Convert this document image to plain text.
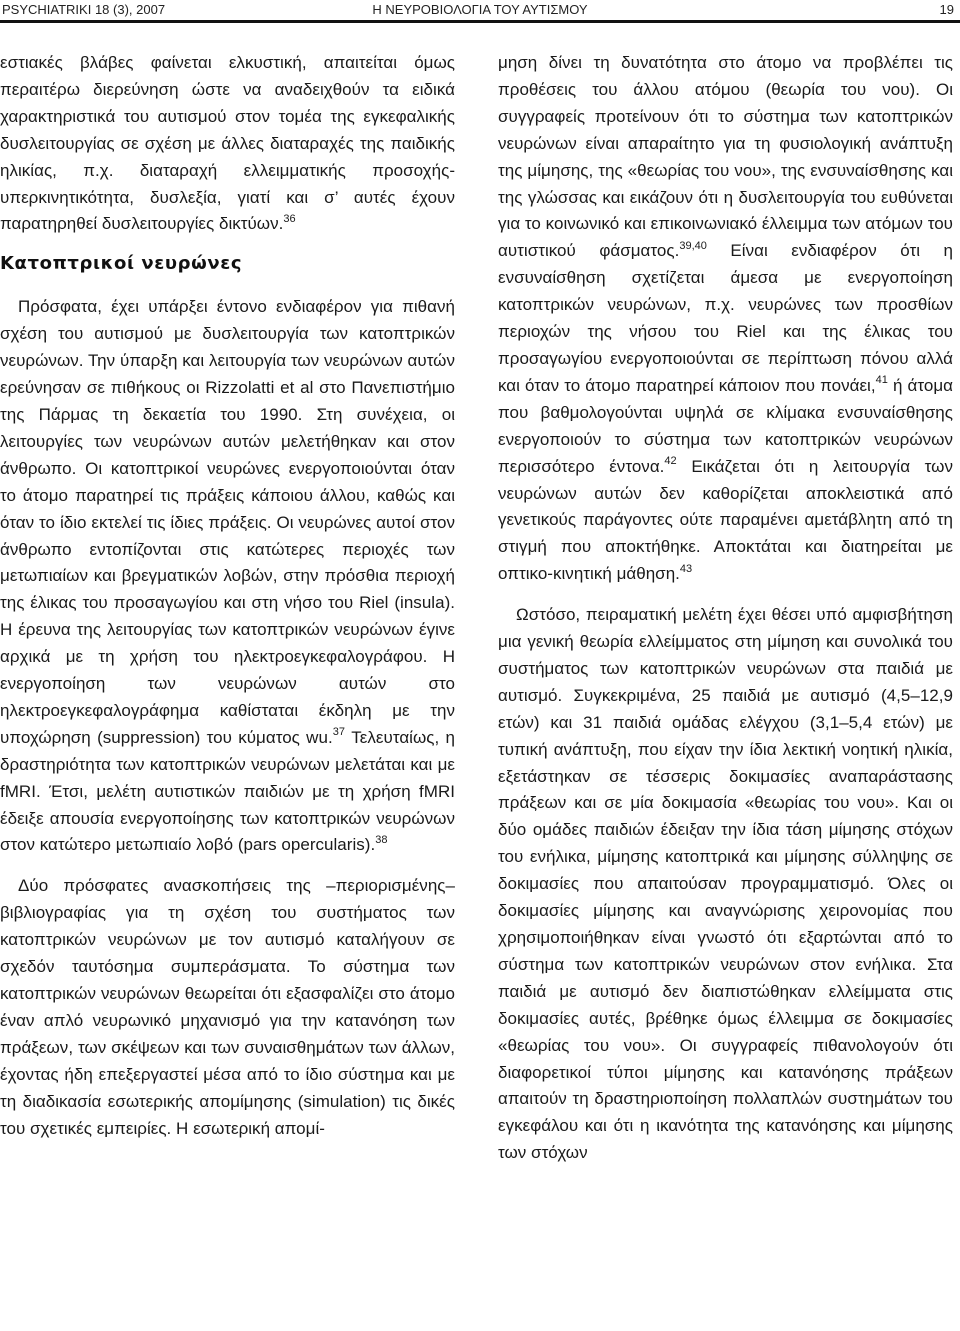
PSYCHIATRIKI 18 (3), 2007	Η ΝΕΥΡΟΒΙΟΛΟΓΙΑ ΤΟΥ ΑΥΤΙΣΜΟΥ	19

εστιακές βλάβες φαίνεται ελκυστική, απαιτείται όμως περαιτέρω διερεύνηση ώστε να αναδειχθούν τα ειδικά χαρακτηριστικά του αυτισμού στον τομέα της εγκεφαλικής δυσλειτουργίας σε σχέση με άλλες διαταραχές της παιδικής ηλικίας, π.χ. διαταραχή ελλειμματικής προσοχής-υπερκινητικότητα, δυσλεξία, γιατί και σ’ αυτές έχουν παρατηρηθεί δυσλειτουργίες δικτύων.$^{36}$

Κατοπτρικοί νευρώνες

Πρόσφατα, έχει υπάρξει έντονο ενδιαφέρον για πιθανή σχέση του αυτισμού με δυσλειτουργία των κατοπτρικών νευρώνων. Την ύπαρξη και λειτουργία των νευρώνων αυτών ερεύνησαν σε πιθήκους οι Rizzolatti et al στο Πανεπιστήμιο της Πάρμας τη δεκαετία του 1990. Στη συνέχεια, οι λειτουργίες των νευρώνων αυτών μελετήθηκαν και στον άνθρωπο. Οι κατοπτρικοί νευρώνες ενεργοποιούνται όταν το άτομο παρατηρεί τις πράξεις κάποιου άλλου, καθώς και όταν το ίδιο εκτελεί τις ίδιες πράξεις. Οι νευρώνες αυτοί στον άνθρωπο εντοπίζονται στις κατώτερες περιοχές των μετωπιαίων και βρεγματικών λοβών, στην πρόσθια περιοχή της έλικας του προσαγωγίου και στη νήσο του Riel (insula). Η έρευνα της λειτουργίας των κατοπτρικών νευρώνων έγινε αρχικά με τη χρήση του ηλεκτροεγκεφαλογράφου. Η ενεργοποίηση των νευρώνων αυτών στο ηλεκτροεγκεφαλογράφημα καθίσταται έκδηλη με την υποχώρηση (suppression) του κύματος wu.$^{37}$ Τελευταίως, η δραστηριότητα των κατοπτρικών νευρώνων μελετάται και με fMRI. Έτσι, μελέτη αυτιστικών παιδιών με τη χρήση fMRI έδειξε απουσία ενεργοποίησης των κατοπτρικών νευρώνων στον κατώτερο μετωπιαίο λοβό (pars opercularis).$^{38}$

Δύο πρόσφατες ανασκοπήσεις της –περιορισμένης– βιβλιογραφίας για τη σχέση του συστήματος των κατοπτρικών νευρώνων με τον αυτισμό καταλήγουν σε σχεδόν ταυτόσημα συμπεράσματα. Το σύστημα των κατοπτρικών νευρώνων θεωρείται ότι εξασφαλίζει στο άτομο έναν απλό νευρωνικό μηχανισμό για την κατανόηση των πράξεων, των σκέψεων και των συναισθημάτων των άλλων, έχοντας ήδη επεξεργαστεί μέσα από το ίδιο σύστημα και με τη διαδικασία εσωτερικής απομίμησης (simulation) τις δικές του σχετικές εμπειρίες. Η εσωτερική απομί-

μηση δίνει τη δυνατότητα στο άτομο να προβλέπει τις προθέσεις του άλλου ατόμου (θεωρία του νου). Οι συγγραφείς προτείνουν ότι το σύστημα των κατοπτρικών νευρώνων είναι απαραίτητο για τη φυσιολογική ανάπτυξη της μίμησης, της «θεωρίας του νου», της ενσυναίσθησης και της γλώσσας και εικάζουν ότι η δυσλειτουργία του ευθύνεται για το κοινωνικό και επικοινωνιακό έλλειμμα των ατόμων του αυτιστικού φάσματος.$^{39,40}$ Είναι ενδιαφέρον ότι η ενσυναίσθηση σχετίζεται άμεσα με ενεργοποίηση κατοπτρικών νευρώνων, π.χ. νευρώνες των προσθίων περιοχών της νήσου του Riel και της έλικας του προσαγωγίου ενεργοποιούνται σε περίπτωση πόνου αλλά και όταν το άτομο παρατηρεί κάποιον που πονάει,$^{41}$ ή άτομα που βαθμολογούνται υψηλά σε κλίμακα ενσυναίσθησης ενεργοποιούν το σύστημα των κατοπτρικών νευρώνων περισσότερο έντονα.$^{42}$ Εικάζεται ότι η λειτουργία των νευρώνων αυτών δεν καθορίζεται αποκλειστικά από γενετικούς παράγοντες ούτε παραμένει αμετάβλητη από τη στιγμή που αποκτήθηκε. Αποκτάται και διατηρείται με οπτικο-κινητική μάθηση.$^{43}$

Ωστόσο, πειραματική μελέτη έχει θέσει υπό αμφισβήτηση μια γενική θεωρία ελλείμματος στη μίμηση και συνολικά του συστήματος των κατοπτρικών νευρώνων στα παιδιά με αυτισμό. Συγκεκριμένα, 25 παιδιά με αυτισμό (4,5–12,9 ετών) και 31 παιδιά ομάδας ελέγχου (3,1–5,4 ετών) με τυπική ανάπτυξη, που είχαν την ίδια λεκτική νοητική ηλικία, εξετάστηκαν σε τέσσερις δοκιμασίες αναπαράστασης πράξεων και σε μία δοκιμασία «θεωρίας του νου». Και οι δύο ομάδες παιδιών έδειξαν την ίδια τάση μίμησης στόχων του ενήλικα, μίμησης κατοπτρικά και μίμησης σύλληψης σε δοκιμασίες που απαιτούσαν προγραμματισμό. Όλες οι δοκιμασίες μίμησης και αναγνώρισης χειρονομίας που χρησιμοποιήθηκαν είναι γνωστό ότι εξαρτώνται από το σύστημα των κατοπτρικών νευρώνων στον ενήλικα. Στα παιδιά με αυτισμό δεν διαπιστώθηκαν ελλείμματα στις δοκιμασίες αυτές, βρέθηκε όμως έλλειμμα σε δοκιμασίες «θεωρίας του νου». Οι συγγραφείς πιθανολογούν ότι διαφορετικοί τύποι μίμησης και κατανόησης πράξεων απαιτούν τη δραστηριοποίηση πολλαπλών συστημάτων του εγκεφάλου και ότι η ικανότητα της κατανόησης και μίμησης των στόχων
